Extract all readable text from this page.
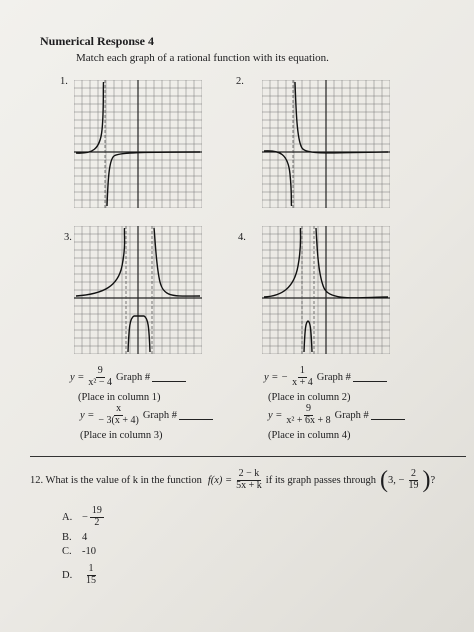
Numerical Response 4
Match each graph of a rational function with its equation.
1.	2.
3.	4.
$y = \frac{9}{\text{x² − 4}}$ Graph #
(Place in column 1)
y = − $\frac{1}{x + 4}$ Graph #
(Place in column 2)
$y = \frac{x}{- 3(x + 4)}$ Graph #
(Place in column 3)
$y = \frac{9}{\text{x² + 6x + 8}}$ Graph #
(Place in column 4)
12. What is the value of k in the function $f(x) = \frac{2 - k}{5x + k}$ if its graph passes through ( 3, − $\frac{2}{19}$ ) ?
A. − $\frac{19}{2}$
B. 4
C. -10
D.	$\frac{1}{15}$
